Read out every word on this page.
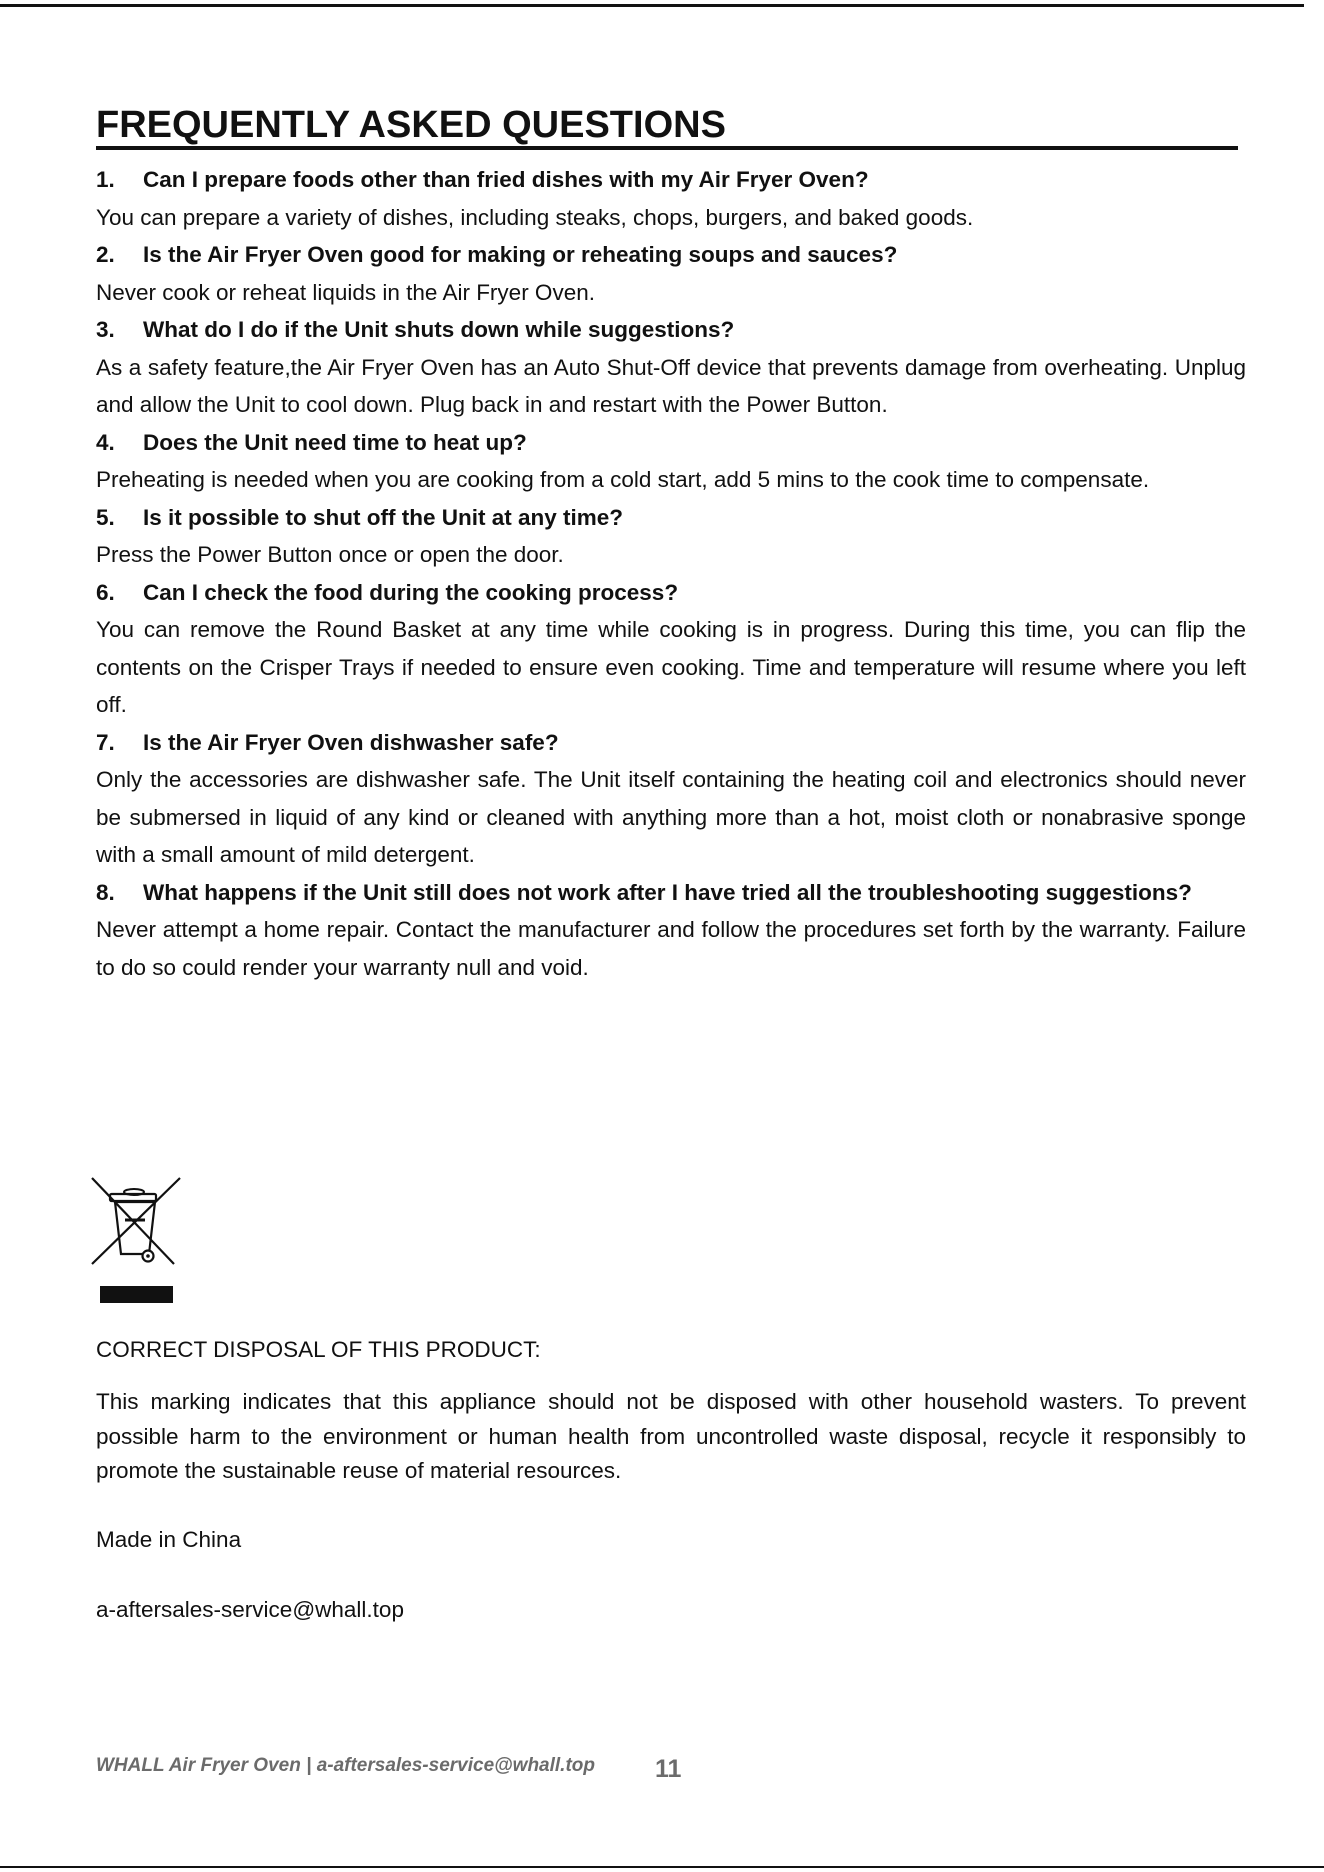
FREQUENTLY ASKED QUESTIONS
1. Can I prepare foods other than fried dishes with my Air Fryer Oven?

You can prepare a variety of dishes, including steaks, chops, burgers, and baked goods.

2. Is the Air Fryer Oven good for making or reheating soups and sauces?

Never cook or reheat liquids in the Air Fryer Oven.

3. What do I do if the Unit shuts down while suggestions?

As a safety feature,the Air Fryer Oven has an Auto Shut-Off device that prevents damage from overheating. Unplug and allow the Unit to cool down. Plug back in and restart with the Power Button.

4. Does the Unit need time to heat up?

Preheating is needed when you are cooking from a cold start, add 5 mins to the cook time to compensate.

5. Is it possible to shut off the Unit at any time?

Press the Power Button once or open the door.

6. Can I check the food during the cooking process?

You can remove the Round Basket at any time while cooking is in progress. During this time, you can flip the contents on the Crisper Trays if needed to ensure even cooking. Time and temperature will resume where you left off.

7. Is the Air Fryer Oven dishwasher safe?

Only the accessories are dishwasher safe. The Unit itself containing the heating coil and electronics should never be submersed in liquid of any kind or cleaned with anything more than a hot, moist cloth or nonabrasive sponge with a small amount of mild detergent.

8. What happens if the Unit still does not work after I have tried all the troubleshooting suggestions?

Never attempt a home repair. Contact the manufacturer and follow the procedures set forth by the warranty. Failure to do so could render your warranty null and void.

CORRECT DISPOSAL OF THIS PRODUCT:

This marking indicates that this appliance should not be disposed with other household wasters. To prevent possible harm to the environment or human health from uncontrolled waste disposal, recycle it responsibly to promote the sustainable reuse of material resources.

Made in China
a-aftersales-service@whall.top
WHALL Air Fryer Oven | a-aftersales-service@whall.top 11
